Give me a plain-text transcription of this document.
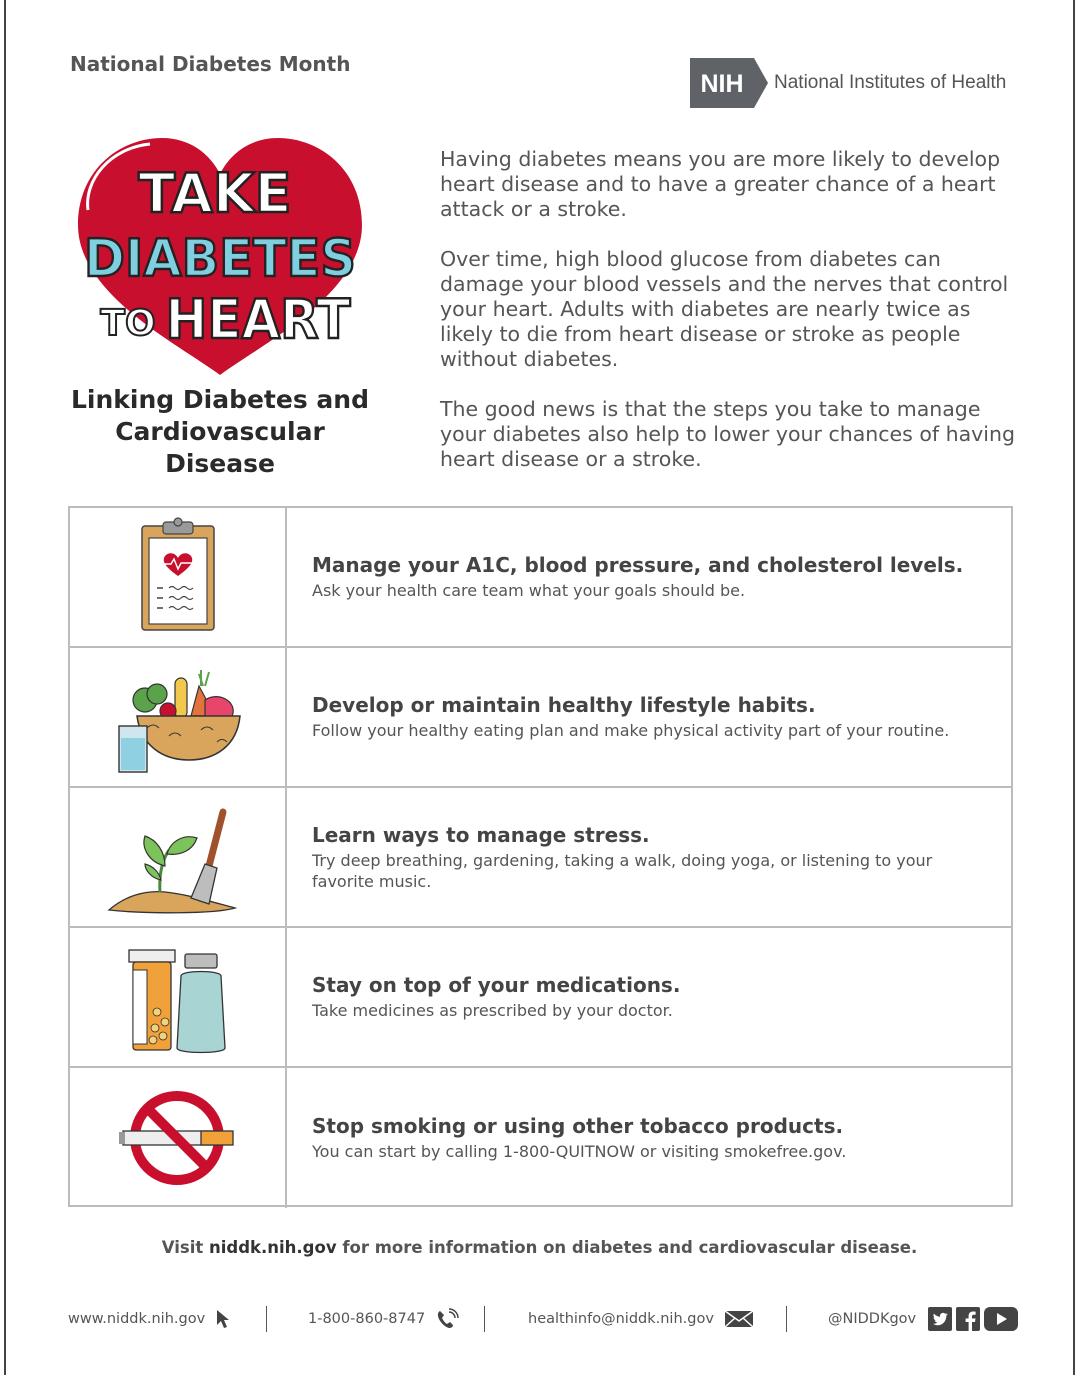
National Diabetes Month
NIH National Institutes of Health
TAKE
DIABETES
TO HEART
Linking Diabetes and
Cardiovascular Disease

Having diabetes means you are more likely to develop heart disease and to have a greater chance of a heart attack or a stroke.

Over time, high blood glucose from diabetes can damage your blood vessels and the nerves that control your heart. Adults with diabetes are nearly twice as likely to die from heart disease or stroke as people without diabetes.

The good news is that the steps you take to manage your diabetes also help to lower your chances of having heart disease or a stroke.

Manage your A1C, blood pressure, and cholesterol levels.
Ask your health care team what your goals should be.
Develop or maintain healthy lifestyle habits.
Follow your healthy eating plan and make physical activity part of your routine.
Learn ways to manage stress.
Try deep breathing, gardening, taking a walk, doing yoga, or listening to your favorite music.
Stay on top of your medications.
Take medicines as prescribed by your doctor.
Stop smoking or using other tobacco products.
You can start by calling 1-800-QUITNOW or visiting smokefree.gov.
Visit niddk.nih.gov for more information on diabetes and cardiovascular disease.
www.niddk.nih.gov	1-800-860-8747	healthinfo@niddk.nih.gov	@NIDDKgov
